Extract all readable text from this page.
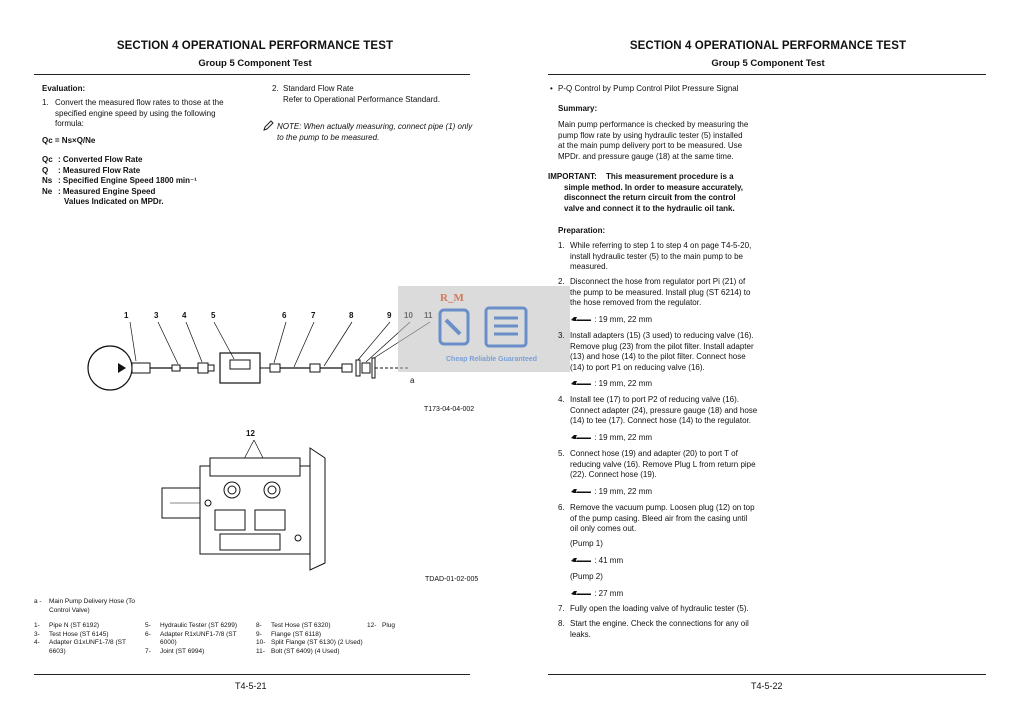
SECTION 4 OPERATIONAL PERFORMANCE TEST
Group 5 Component Test
Evaluation:
1. Convert the measured flow rates to those at the
specified engine speed by using the following
formula:
Qc = Ns×Q/Ne
Qc : Converted Flow Rate
Q : Measured Flow Rate
Ns : Specified Engine Speed 1800 min⁻¹
Ne : Measured Engine Speed
Values Indicated on MPDr.
2. Standard Flow Rate
Refer to Operational Performance Standard.
NOTE: When actually measuring, connect pipe (1) only
to the pump to be measured.
1	3	4	5	6	7	8	9
a
T173-04-04-002
12
TDAD-01-02-005
a - Main Pump Delivery Hose (To
Control Valve)
1- Pipe N (ST 6192)
3- Test Hose (ST 6145)
4- Adapter G1xUNF1-7/8 (ST
6603)
5- Hydraulic Tester (ST 6299)
6- Adapter R1xUNF1-7/8 (ST
6000)
7- Joint (ST 6994)
8- Test Hose (ST 6320)
9- Flange (ST 6118)
10- Split Flange (ST 6130) (2 Used)
11- Bolt (ST 6409) (4 Used)
12- Plug
T4-5-21
R_M
Cheap Reliable Guaranteed
SECTION 4 OPERATIONAL PERFORMANCE TEST
Group 5 Component Test
• P-Q Control by Pump Control Pilot Pressure Signal
Summary:
Main pump performance is checked by measuring the
pump flow rate by using hydraulic tester (5) installed
at the main pump delivery port to be measured. Use
MPDr. and pressure gauge (18) at the same time.
IMPORTANT: This measurement procedure is a
simple method. In order to measure accurately,
disconnect the return circuit from the control
valve and connect it to the hydraulic oil tank.
Preparation:
1. While referring to step 1 to step 4 on page T4-5-20,
install hydraulic tester (5) to the main pump to be
measured.
2. Disconnect the hose from regulator port Pi (21) of
the pump to be measured. Install plug (ST 6214) to
the hose removed from the regulator.
: 19 mm, 22 mm
3. Install adapters (15) (3 used) to reducing valve (16).
Remove plug (23) from the pilot filter. Install adapter
(13) and hose (14) to the pilot filter. Connect hose
(14) to port P1 on reducing valve (16).
: 19 mm, 22 mm
4. Install tee (17) to port P2 of reducing valve (16).
Connect adapter (24), pressure gauge (18) and hose
(14) to tee (17). Connect hose (14) to the regulator.
: 19 mm, 22 mm
5. Connect hose (19) and adapter (20) to port T of
reducing valve (16). Remove Plug L from return pipe
(22). Connect hose (19).
: 19 mm, 22 mm
6. Remove the vacuum pump. Loosen plug (12) on top
of the pump casing. Bleed air from the casing until
oil only comes out.
(Pump 1)
: 41 mm
(Pump 2)
: 27 mm
7. Fully open the loading valve of hydraulic tester (5).
8. Start the engine. Check the connections for any oil
leaks.
T4-5-22
